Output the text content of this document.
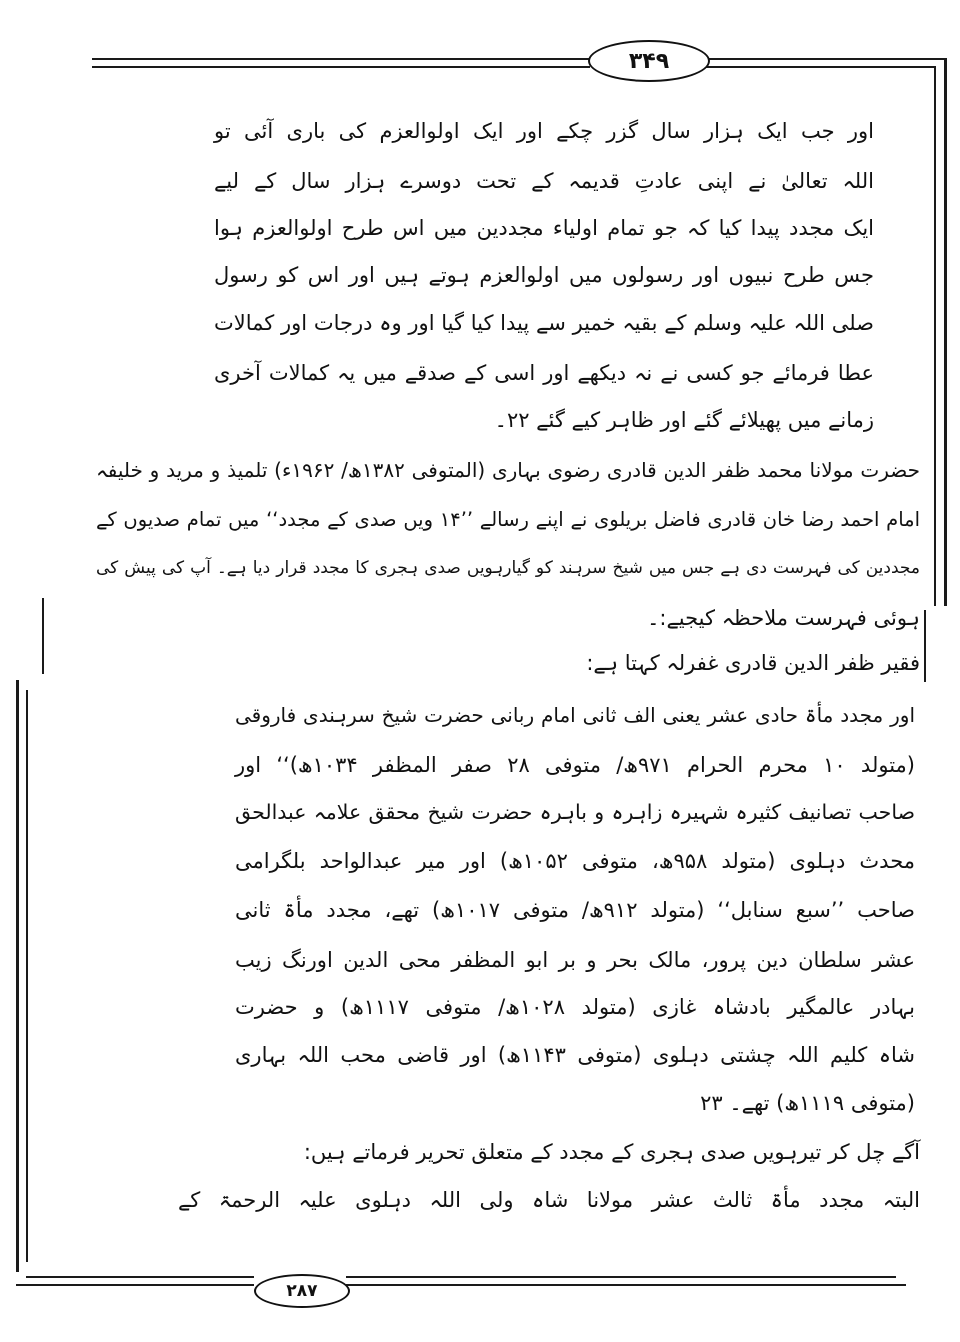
۳۴۹
۲۸۷
اور جب ایک ہزار سال گزر چکے اور ایک اولوالعزم کی باری آئی تو
اللہ تعالیٰ نے اپنی عادتِ قدیمہ کے تحت دوسرے ہزار سال کے لیے
ایک مجدد پیدا کیا کہ جو تمام اولیاء مجددین میں اس طرح اولوالعزم ہوا
جس طرح نبیوں اور رسولوں میں اولوالعزم ہوتے ہیں اور اس کو رسول
صلی اللہ علیہ وسلم کے بقیہ خمیر سے پیدا کیا گیا اور وہ درجات اور کمالات
عطا فرمائے جو کسی نے نہ دیکھے اور اسی کے صدقے میں یہ کمالات آخری
زمانے میں پھیلائے گئے اور ظاہر کیے گئے ۲۲۔
حضرت مولانا محمد ظفر الدین قادری رضوی بہاری (المتوفی ۱۳۸۲ھ/ ۱۹۶۲ء) تلمیذ و مرید و خلیفہ
امام احمد رضا خان قادری فاضل بریلوی نے اپنے رسالے ’’۱۴ ویں صدی کے مجدد‘‘ میں تمام صدیوں کے
مجددین کی فہرست دی ہے جس میں شیخ سرہند کو گیارہویں صدی ہجری کا مجدد قرار دیا ہے۔ آپ کی پیش کی
ہوئی فہرست ملاحظہ کیجیے:۔
فقیر ظفر الدین قادری غفرلہ کہتا ہے:
اور مجدد مأۃ حادی عشر یعنی الف ثانی امام ربانی حضرت شیخ سرہندی فاروقی
(متولد ۱۰ محرم الحرام ۹۷۱ھ/ متوفی ۲۸ صفر المظفر ۱۰۳۴ھ)‘‘ اور
صاحب تصانیف کثیرہ شہیرہ زاہرہ و باہرہ حضرت شیخ محقق علامہ عبدالحق
محدث دہلوی (متولد ۹۵۸ھ، متوفی ۱۰۵۲ھ) اور میر عبدالواحد بلگرامی
صاحب ’’سبع سنابل‘‘ (متولد ۹۱۲ھ/ متوفی ۱۰۱۷ھ) تھے، مجدد مأۃ ثانی
عشر سلطان دین پرور، مالک بحر و بر ابو المظفر محی الدین اورنگ زیب
بہادر عالمگیر بادشاہ غازی (متولد ۱۰۲۸ھ/ متوفی ۱۱۱۷ھ) و حضرت
شاہ کلیم اللہ چشتی دہلوی (متوفی ۱۱۴۳ھ) اور قاضی محب اللہ بہاری
(متوفی ۱۱۱۹ھ) تھے۔ ۲۳
آگے چل کر تیرہویں صدی ہجری کے مجدد کے متعلق تحریر فرماتے ہیں:
البتہ مجدد مأۃ ثالث عشر مولانا شاہ ولی اللہ دہلوی علیہ الرحمۃ کے
